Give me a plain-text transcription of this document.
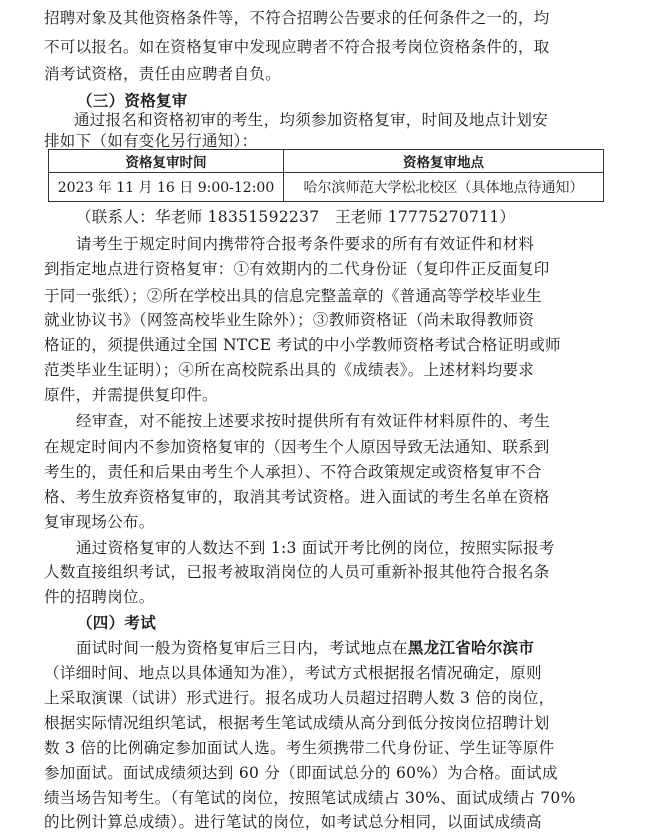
招聘对象及其他资格条件等，不符合招聘公告要求的任何条件之一的，均
不可以报名。如在资格复审中发现应聘者不符合报考岗位资格条件的，取
消考试资格，责任由应聘者自负。
（三）资格复审
通过报名和资格初审的考生，均须参加资格复审，时间及地点计划安
排如下（如有变化另行通知）：
资格复审时间	资格复审地点
2023 年 11 月 16 日 9:00-12:00	哈尔滨师范大学松北校区（具体地点待通知）
（联系人：华老师 18351592237   王老师 17775270711）
请考生于规定时间内携带符合报考条件要求的所有有效证件和材料
到指定地点进行资格复审：①有效期内的二代身份证（复印件正反面复印
于同一张纸）；②所在学校出具的信息完整盖章的《普通高等学校毕业生
就业协议书》（网签高校毕业生除外）；③教师资格证（尚未取得教师资
格证的，须提供通过全国 NTCE 考试的中小学教师资格考试合格证明或师
范类毕业生证明）；④所在高校院系出具的《成绩表》。上述材料均要求
原件，并需提供复印件。
经审查，对不能按上述要求按时提供所有有效证件材料原件的、考生
在规定时间内不参加资格复审的（因考生个人原因导致无法通知、联系到
考生的，责任和后果由考生个人承担）、不符合政策规定或资格复审不合
格、考生放弃资格复审的，取消其考试资格。进入面试的考生名单在资格
复审现场公布。
通过资格复审的人数达不到 1:3 面试开考比例的岗位，按照实际报考
人数直接组织考试，已报考被取消岗位的人员可重新补报其他符合报名条
件的招聘岗位。
（四）考试
面试时间一般为资格复审后三日内，考试地点在黑龙江省哈尔滨市
（详细时间、地点以具体通知为准），考试方式根据报名情况确定，原则
上采取演课（试讲）形式进行。报名成功人员超过招聘人数 3 倍的岗位，
根据实际情况组织笔试，根据考生笔试成绩从高分到低分按岗位招聘计划
数 3 倍的比例确定参加面试人选。考生须携带二代身份证、学生证等原件
参加面试。面试成绩须达到 60 分（即面试总分的 60%）为合格。面试成
绩当场告知考生。（有笔试的岗位，按照笔试成绩占 30%、面试成绩占 70%
的比例计算总成绩）。进行笔试的岗位，如考试总分相同，以面试成绩高
